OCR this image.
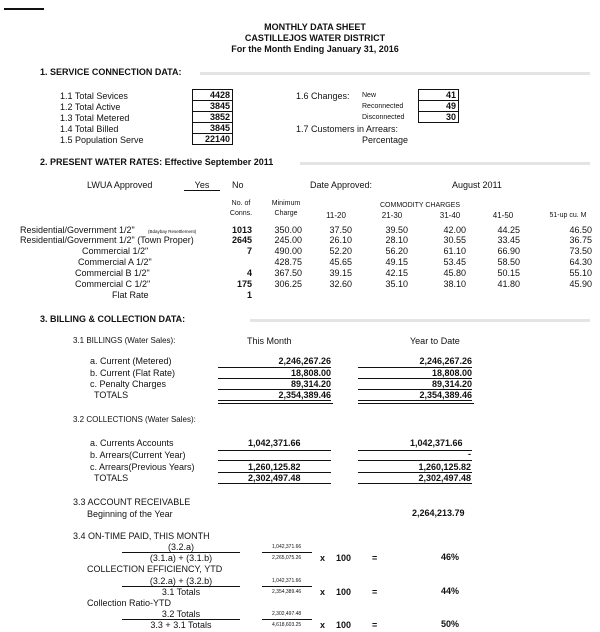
MONTHLY DATA SHEET
CASTILLEJOS WATER DISTRICT
For the Month Ending January 31, 2016
1. SERVICE CONNECTION DATA:
1.1 Total Sevices
1.2 Total Active
1.3 Total Metered
1.4 Total Billed
1.5 Population Serve
4428
3845
3852
3845
22140
1.6 Changes: New
Reconnected
Disconnected
41
49
30
1.7 Customers in Arrears:
Percentage
2. PRESENT WATER RATES: Effective September 2011
LWUA Approved	Yes	No	Date Approved:	August 2011
No. of
Conns.
Minimum
Charge
COMMODITY CHARGES
11-20	21-30	31-40	41-50	51-up cu. M
Residential/Government 1/2"	(Bdaybay Resettlement)	1013	350.00	37.50	39.50	42.00	44.25	46.50
Residential/Government 1/2" (Town Proper)	2645	245.00	26.10	28.10	30.55	33.45	36.75
Commercial 1/2"	7	490.00	52.20	56.20	61.10	66.90	73.50
Commercial A 1/2"	428.75	45.65	49.15	53.45	58.50	64.30
Commercial B 1/2"	4	367.50	39.15	42.15	45.80	50.15	55.10
Commercial C 1/2"	175	306.25	32.60	35.10	38.10	41.80	45.90
Flat Rate	1
3. BILLING & COLLECTION DATA:
3.1 BILLINGS (Water Sales):	This Month	Year to Date
a. Current (Metered)
b. Current (Flat Rate)
c. Penalty Charges
TOTALS
2,246,267.26
18,808.00
89,314.20
2,354,389.46
2,246,267.26
18,808.00
89,314.20
2,354,389.46
3.2 COLLECTIONS (Water Sales):
a. Currents Accounts
b. Arrears(Current Year)
c. Arrears(Previous Years)
TOTALS
1,042,371.66
1,260,125.82
2,302,497.48
1,042,371.66
-
1,260,125.82
2,302,497.48
3.3 ACCOUNT RECEIVABLE
Beginning of the Year	2,264,213.79
3.4 ON-TIME PAID, THIS MONTH
(3.2.a)
(3.1.a) + (3.1.b)
1,042,371.66
2,265,075.26 x 100 =	46%
COLLECTION EFFICIENCY, YTD
(3.2.a) + (3.2.b)
3.1 Totals
1,042,371.66
2,354,389.46 x 100 =	44%
Collection Ratio-YTD
3.2 Totals
3.3 + 3.1 Totals
2,302,497.48
4,618,603.25 x 100 =	50%
